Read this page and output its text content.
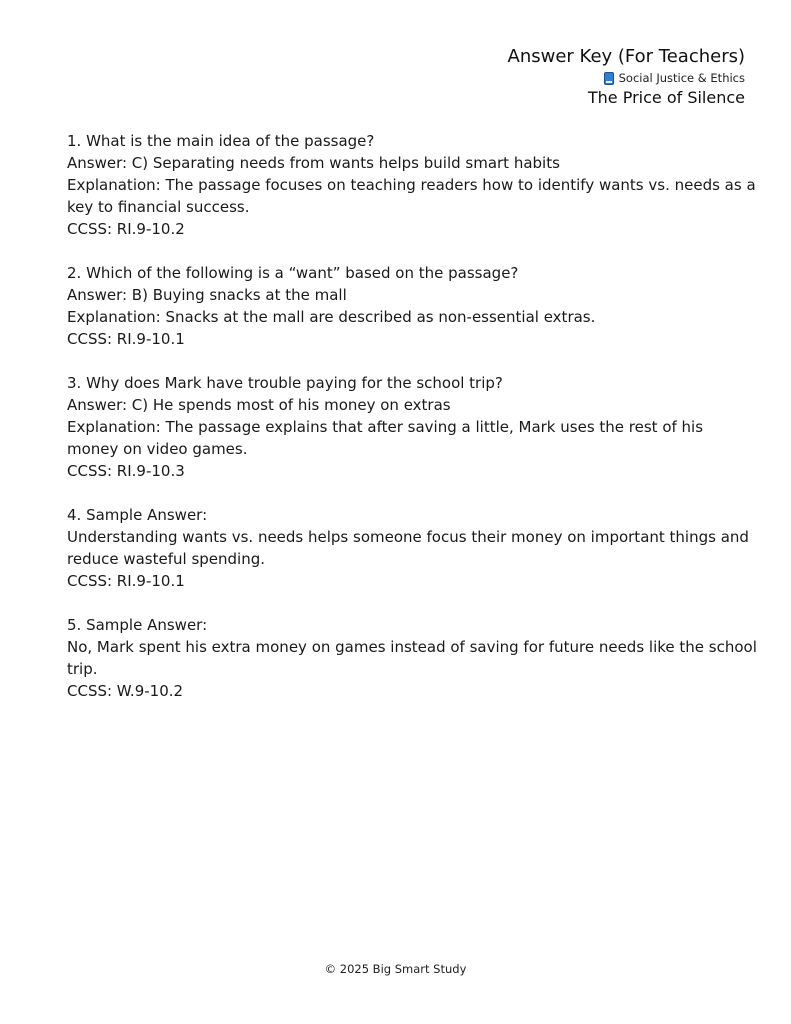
Answer Key (For Teachers)
Social Justice & Ethics
The Price of Silence

1. What is the main idea of the passage?

Answer: C) Separating needs from wants helps build smart habits

Explanation: The passage focuses on teaching readers how to identify wants vs. needs as a key to financial success.

CCSS: RI.9-10.2

2. Which of the following is a “want” based on the passage?

Answer: B) Buying snacks at the mall

Explanation: Snacks at the mall are described as non-essential extras.

CCSS: RI.9-10.1

3. Why does Mark have trouble paying for the school trip?

Answer: C) He spends most of his money on extras

Explanation: The passage explains that after saving a little, Mark uses the rest of his money on video games.

CCSS: RI.9-10.3

4. Sample Answer:

Understanding wants vs. needs helps someone focus their money on important things and reduce wasteful spending.

CCSS: RI.9-10.1

5. Sample Answer:

No, Mark spent his extra money on games instead of saving for future needs like the school trip.

CCSS: W.9-10.2

© 2025 Big Smart Study
